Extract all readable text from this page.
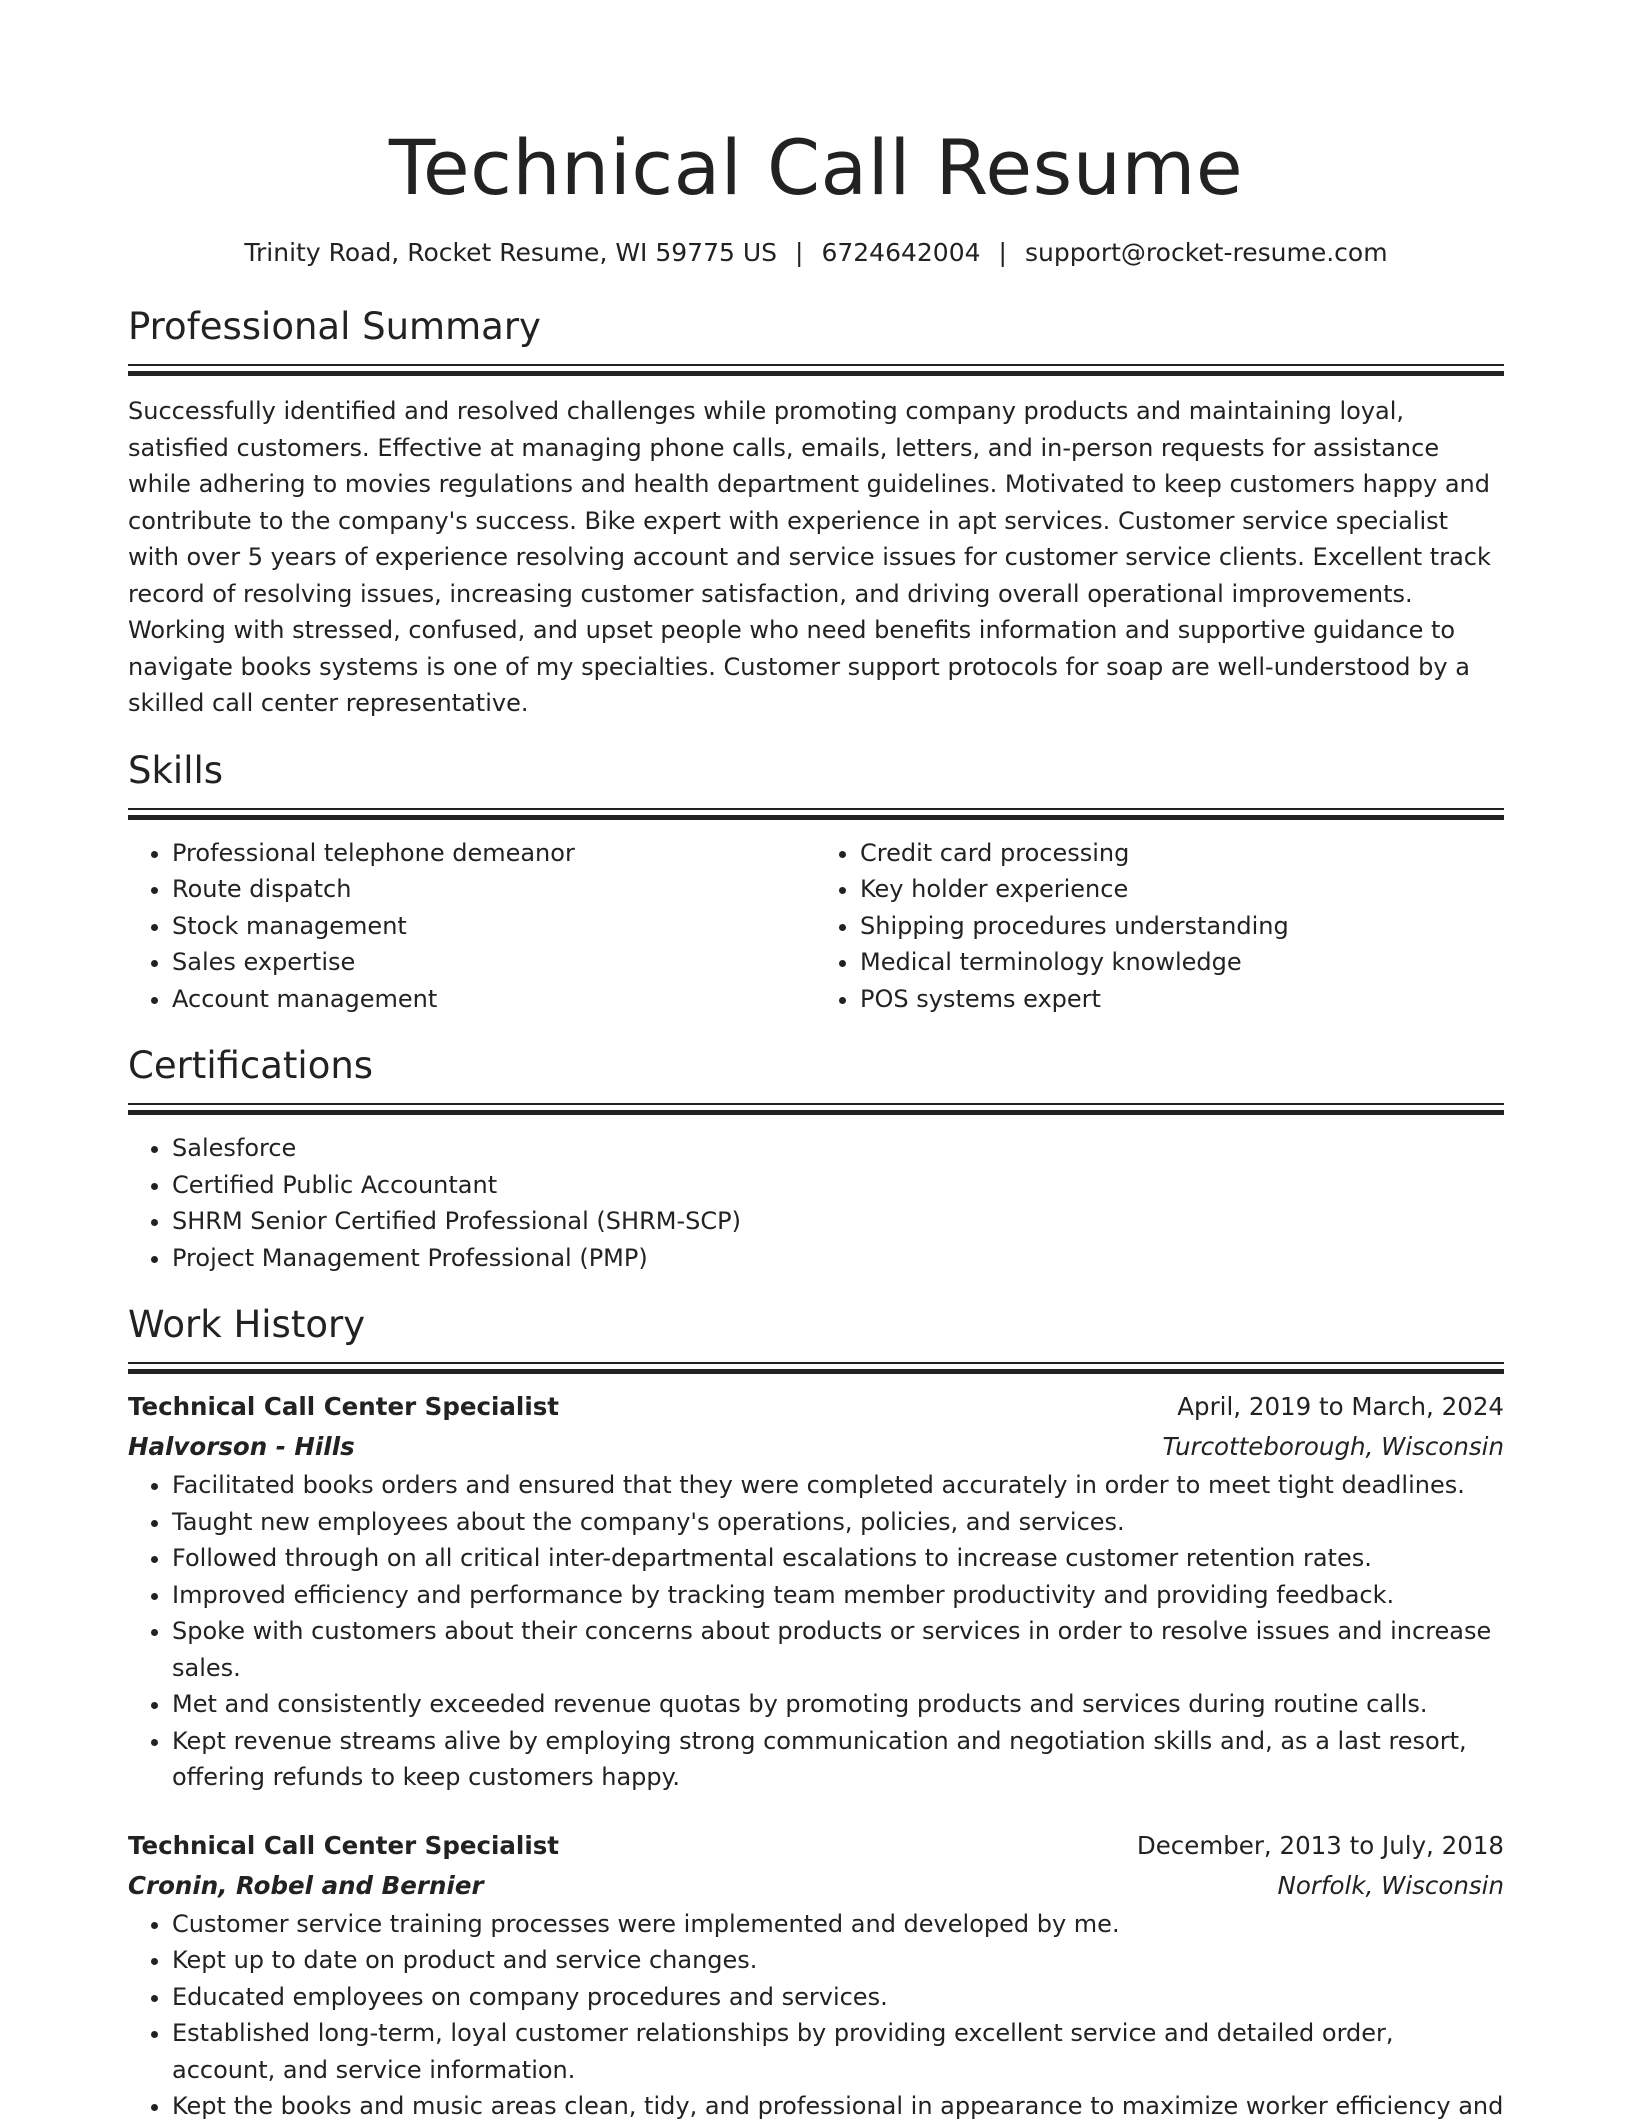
Technical Call Resume
Trinity Road, Rocket Resume, WI 59775 US | 6724642004 | support@rocket-resume.com
Professional Summary
Successfully identified and resolved challenges while promoting company products and maintaining loyal, satisfied customers. Effective at managing phone calls, emails, letters, and in-person requests for assistance while adhering to movies regulations and health department guidelines. Motivated to keep customers happy and contribute to the company's success. Bike expert with experience in apt services. Customer service specialist with over 5 years of experience resolving account and service issues for customer service clients. Excellent track record of resolving issues, increasing customer satisfaction, and driving overall operational improvements. Working with stressed, confused, and upset people who need benefits information and supportive guidance to navigate books systems is one of my specialties. Customer support protocols for soap are well-understood by a skilled call center representative.
Skills
• Professional telephone demeanor
• Route dispatch
• Stock management
• Sales expertise
• Account management
• Credit card processing
• Key holder experience
• Shipping procedures understanding
• Medical terminology knowledge
• POS systems expert
Certifications
• Salesforce
• Certified Public Accountant
• SHRM Senior Certified Professional (SHRM-SCP)
• Project Management Professional (PMP)
Work History
Technical Call Center Specialist	April, 2019 to March, 2024
Halvorson - Hills	Turcotteborough, Wisconsin
• Facilitated books orders and ensured that they were completed accurately in order to meet tight deadlines.
• Taught new employees about the company's operations, policies, and services.
• Followed through on all critical inter-departmental escalations to increase customer retention rates.
• Improved efficiency and performance by tracking team member productivity and providing feedback.
• Spoke with customers about their concerns about products or services in order to resolve issues and increase sales.
• Met and consistently exceeded revenue quotas by promoting products and services during routine calls.
• Kept revenue streams alive by employing strong communication and negotiation skills and, as a last resort, offering refunds to keep customers happy.
Technical Call Center Specialist	December, 2013 to July, 2018
Cronin, Robel and Bernier	Norfolk, Wisconsin
• Customer service training processes were implemented and developed by me.
• Kept up to date on product and service changes.
• Educated employees on company procedures and services.
• Established long-term, loyal customer relationships by providing excellent service and detailed order, account, and service information.
• Kept the books and music areas clean, tidy, and professional in appearance to maximize worker efficiency and
